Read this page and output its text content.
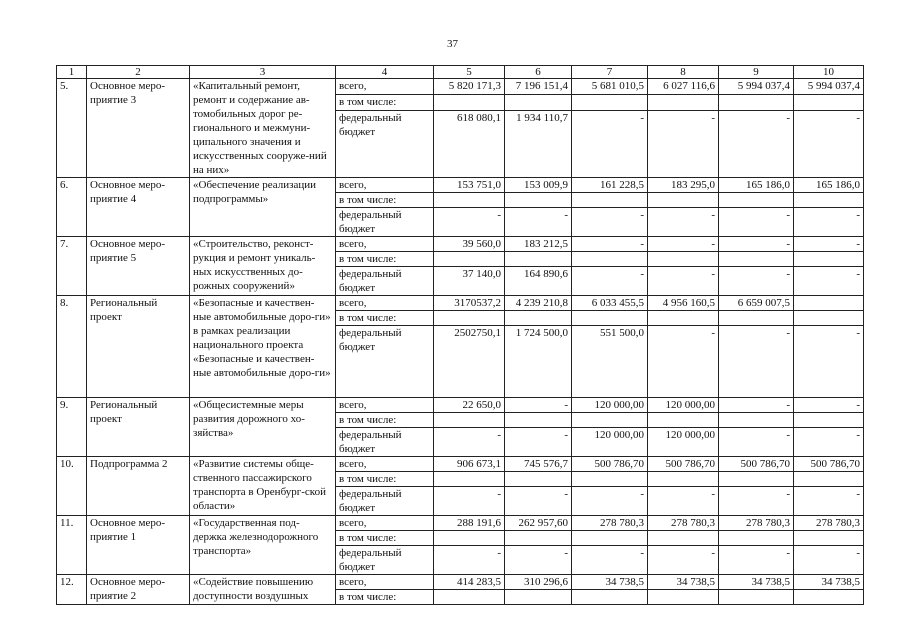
37
1	2	3	4	5	6	7	8	9	10
5.	Основное меро-приятие 3	«Капитальный ремонт, ремонт и содержание ав-томобильных дорог ре-гионального и межмуни-ципального значения и искусственных сооруже-ний на них»	всего,	5 820 171,3	7 196 151,4	5 681 010,5	6 027 116,6	5 994 037,4	5 994 037,4
			в том числе:						
			федеральный бюджет	618 080,1	1 934 110,7	-	-	-	-
6.	Основное меро-приятие 4	«Обеспечение реализации подпрограммы»	всего,	153 751,0	153 009,9	161 228,5	183 295,0	165 186,0	165 186,0
			в том числе:						
			федеральный бюджет	-	-	-	-	-	-
7.	Основное меро-приятие 5	«Строительство, реконст-рукция и ремонт уникаль-ных искусственных до-рожных сооружений»	всего,	39 560,0	183 212,5	-	-	-	-
			в том числе:						
			федеральный бюджет	37 140,0	164 890,6	-	-	-	-
8.	Региональный проект	«Безопасные и качествен-ные автомобильные доро-ги» в рамках реализации национального проекта «Безопасные и качествен-ные автомобильные доро-ги»	всего,	3170537,2	4 239 210,8	6 033 455,5	4 956 160,5	6 659 007,5	
			в том числе:						
			федеральный бюджет	2502750,1	1 724 500,0	551 500,0	-	-	-
9.	Региональный проект	«Общесистемные меры развития дорожного хо-зяйства»	всего,	22 650,0	-	120 000,00	120 000,00	-	-
			в том числе:						
			федеральный бюджет	-	-	120 000,00	120 000,00	-	-
10.	Подпрограмма 2	«Развитие системы обще-ственного пассажирского транспорта в Оренбург-ской области»	всего,	906 673,1	745 576,7	500 786,70	500 786,70	500 786,70	500 786,70
			в том числе:						
			федеральный бюджет	-	-	-	-	-	-
11.	Основное меро-приятие 1	«Государственная под-держка железнодорожного транспорта»	всего,	288 191,6	262 957,60	278 780,3	278 780,3	278 780,3	278 780,3
			в том числе:						
			федеральный бюджет	-	-	-	-	-	-
12.	Основное меро-приятие 2	«Содействие повышению доступности воздушных	всего,	414 283,5	310 296,6	34 738,5	34 738,5	34 738,5	34 738,5
			в том числе:						
